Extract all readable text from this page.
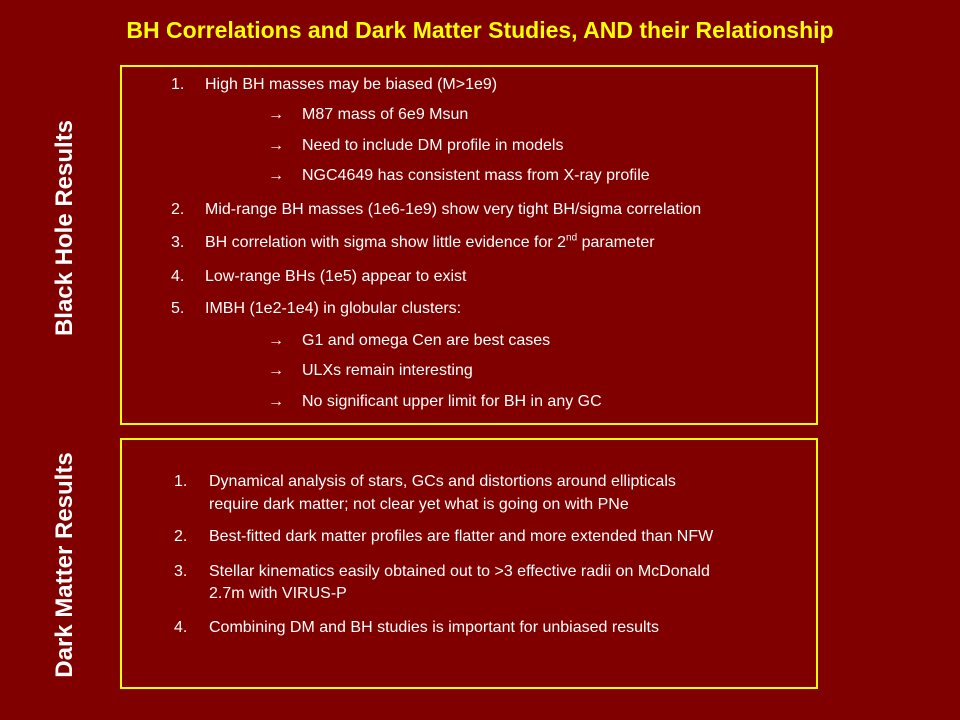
BH Correlations and Dark Matter Studies, AND their Relationship
Black Hole Results
Dark Matter Results
1. High BH masses may be biased (M>1e9)
→ M87 mass of 6e9 Msun
→ Need to include DM profile in models
→ NGC4649 has consistent mass from X-ray profile
2. Mid-range BH masses (1e6-1e9) show very tight BH/sigma correlation
3. BH correlation with sigma show little evidence for 2nd parameter
4. Low-range BHs (1e5) appear to exist
5. IMBH (1e2-1e4) in globular clusters:
→ G1 and omega Cen are best cases
→ ULXs remain interesting
→ No significant upper limit for BH in any GC
1. Dynamical analysis of stars, GCs and distortions around ellipticals
require dark matter; not clear yet what is going on with PNe
2. Best-fitted dark matter profiles are flatter and more extended than NFW
3. Stellar kinematics easily obtained out to >3 effective radii on McDonald
2.7m with VIRUS-P
4. Combining DM and BH studies is important for unbiased results
